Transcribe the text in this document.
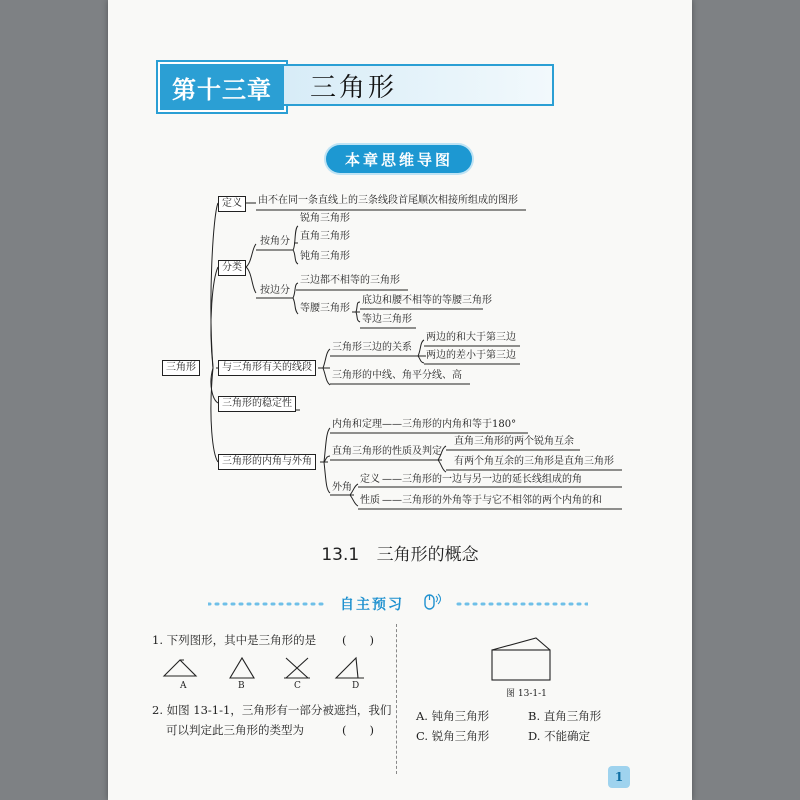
第十三章	三角形
本章思维导图
三角形
定义	由不在同一条直线上的三条线段首尾顺次相接所组成的图形
分类
按角分
锐角三角形
直角三角形
钝角三角形
按边分
三边都不相等的三角形
等腰三角形
底边和腰不相等的等腰三角形
等边三角形
与三角形有关的线段
三角形三边的关系
两边的和大于第三边
两边的差小于第三边
三角形的中线、角平分线、高
三角形的稳定性
三角形的内角与外角
内角和定理——三角形的内角和等于180°
直角三角形的性质及判定
直角三角形的两个锐角互余
有两个角互余的三角形是直角三角形
外角
定义 ——三角形的一边与另一边的延长线组成的角
性质 ——三角形的外角等于与它不相邻的两个内角的和
13.1 三角形的概念
自主预习
1. 下列图形，其中是三角形的是 (　　)
A	B	C	D
2. 如图 13-1-1，三角形有一部分被遮挡，我们
可以判定此三角形的类型为	(　　)
图 13-1-1
A. 钝角三角形	B. 直角三角形
C. 锐角三角形	D. 不能确定
1
